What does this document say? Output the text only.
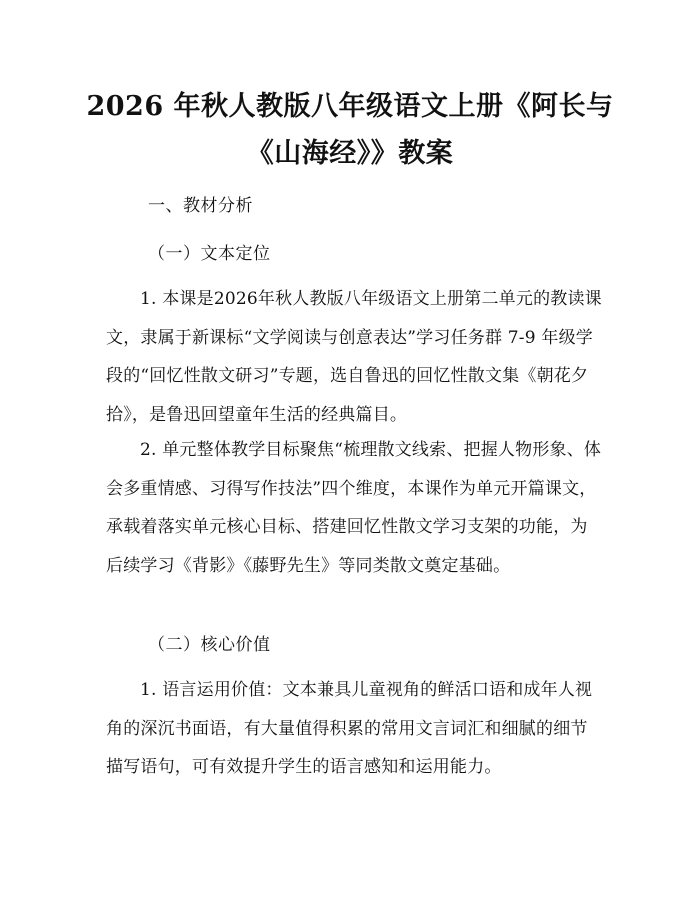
2026 年秋人教版八年级语文上册《阿长与
《山海经》》教案
一、教材分析
（一）文本定位

1. 本课是2026年秋人教版八年级语文上册第二单元的教读课文，隶属于新课标“文学阅读与创意表达”学习任务群 7-9 年级学段的“回忆性散文研习”专题，选自鲁迅的回忆性散文集《朝花夕拾》，是鲁迅回望童年生活的经典篇目。

2. 单元整体教学目标聚焦“梳理散文线索、把握人物形象、体会多重情感、习得写作技法”四个维度，本课作为单元开篇课文，承载着落实单元核心目标、搭建回忆性散文学习支架的功能，为后续学习《背影》《藤野先生》等同类散文奠定基础。

（二）核心价值

1. 语言运用价值：文本兼具儿童视角的鲜活口语和成年人视角的深沉书面语，有大量值得积累的常用文言词汇和细腻的细节描写语句，可有效提升学生的语言感知和运用能力。
